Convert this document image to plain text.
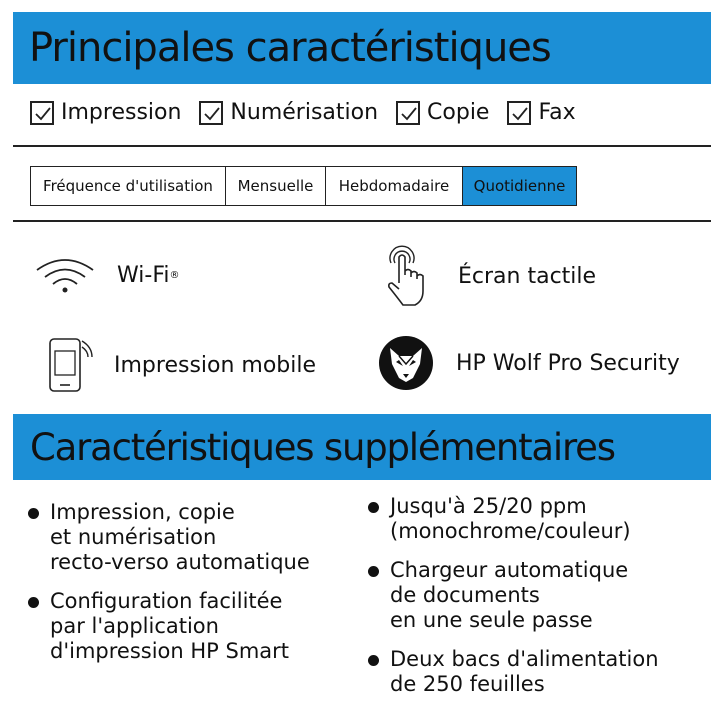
Principales caractéristiques
Impression Numérisation Copie Fax
Fréquence d'utilisation	Mensuelle	Hebdomadaire	Quotidienne
Wi-Fi ®	Écran tactile
Impression mobile	HP Wolf Pro Security
Caractéristiques supplémentaires
Impression, copie
et numérisation
recto-verso automatique
Configuration facilitée
par l'application
d'impression HP Smart
Jusqu'à 25/20 ppm
(monochrome/couleur)
Chargeur automatique
de documents
en une seule passe
Deux bacs d'alimentation
de 250 feuilles
